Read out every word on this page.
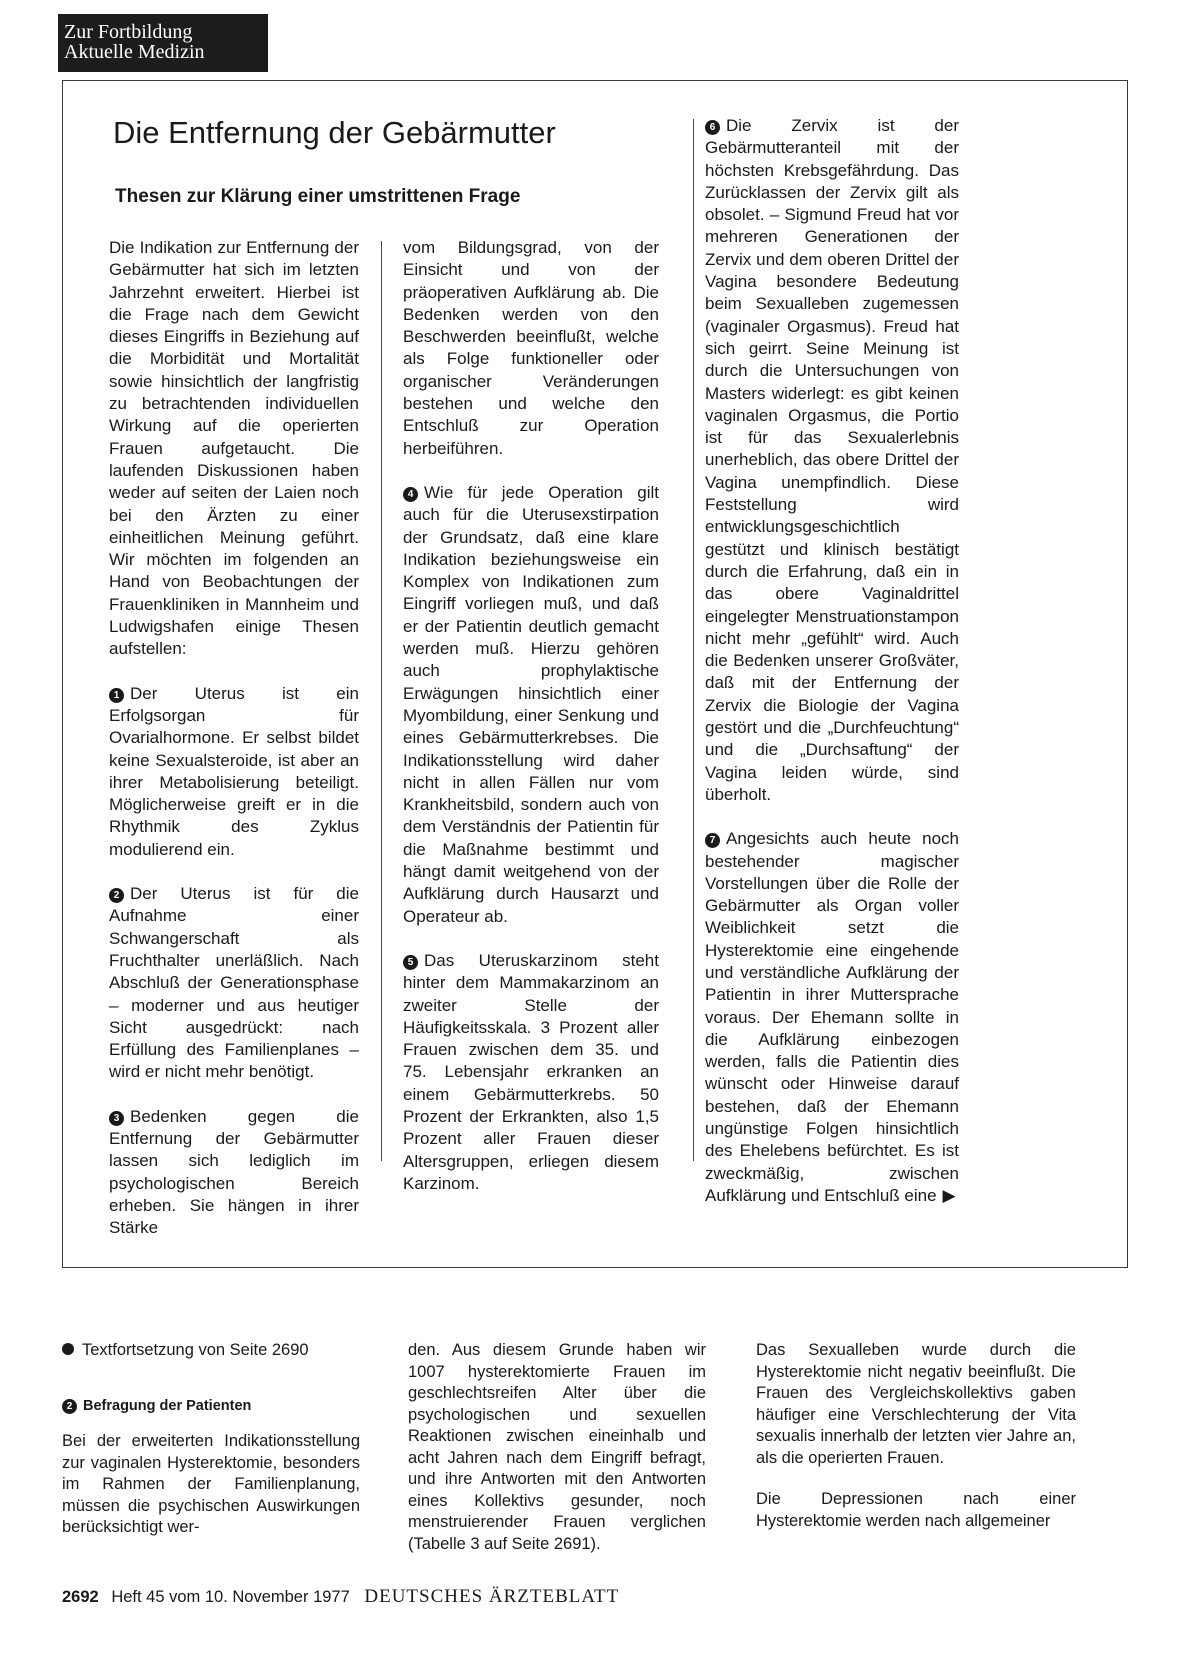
Zur Fortbildung
Aktuelle Medizin
Die Entfernung der Gebärmutter
Thesen zur Klärung einer umstrittenen Frage

Die Indikation zur Entfernung der Gebärmutter hat sich im letzten Jahrzehnt erweitert. Hierbei ist die Frage nach dem Gewicht dieses Eingriffs in Beziehung auf die Morbidität und Mortalität sowie hinsichtlich der langfristig zu betrachtenden individuellen Wirkung auf die operierten Frauen aufgetaucht. Die laufenden Diskussionen haben weder auf seiten der Laien noch bei den Ärzten zu einer einheitlichen Meinung geführt. Wir möchten im folgenden an Hand von Beobachtungen der Frauenkliniken in Mannheim und Ludwigshafen einige Thesen aufstellen:

1 Der Uterus ist ein Erfolgsorgan für Ovarialhormone. Er selbst bildet keine Sexualsteroide, ist aber an ihrer Metabolisierung beteiligt. Möglicherweise greift er in die Rhythmik des Zyklus modulierend ein.

2 Der Uterus ist für die Aufnahme einer Schwangerschaft als Fruchthalter unerläßlich. Nach Abschluß der Generationsphase – moderner und aus heutiger Sicht ausgedrückt: nach Erfüllung des Familienplanes – wird er nicht mehr benötigt.

3 Bedenken gegen die Entfernung der Gebärmutter lassen sich lediglich im psychologischen Bereich erheben. Sie hängen in ihrer Stärke

vom Bildungsgrad, von der Einsicht und von der präoperativen Aufklärung ab. Die Bedenken werden von den Beschwerden beeinflußt, welche als Folge funktioneller oder organischer Veränderungen bestehen und welche den Entschluß zur Operation herbeiführen.

4 Wie für jede Operation gilt auch für die Uterusexstirpation der Grundsatz, daß eine klare Indikation beziehungsweise ein Komplex von Indikationen zum Eingriff vorliegen muß, und daß er der Patientin deutlich gemacht werden muß. Hierzu gehören auch prophylaktische Erwägungen hinsichtlich einer Myombildung, einer Senkung und eines Gebärmutterkrebses. Die Indikationsstellung wird daher nicht in allen Fällen nur vom Krankheitsbild, sondern auch von dem Verständnis der Patientin für die Maßnahme bestimmt und hängt damit weitgehend von der Aufklärung durch Hausarzt und Operateur ab.

5 Das Uteruskarzinom steht hinter dem Mammakarzinom an zweiter Stelle der Häufigkeitsskala. 3 Prozent aller Frauen zwischen dem 35. und 75. Lebensjahr erkranken an einem Gebärmutterkrebs. 50 Prozent der Erkrankten, also 1,5 Prozent aller Frauen dieser Altersgruppen, erliegen diesem Karzinom.

6 Die Zervix ist der Gebärmutteranteil mit der höchsten Krebsgefährdung. Das Zurücklassen der Zervix gilt als obsolet. – Sigmund Freud hat vor mehreren Generationen der Zervix und dem oberen Drittel der Vagina besondere Bedeutung beim Sexualleben zugemessen (vaginaler Orgasmus). Freud hat sich geirrt. Seine Meinung ist durch die Untersuchungen von Masters widerlegt: es gibt keinen vaginalen Orgasmus, die Portio ist für das Sexualerlebnis unerheblich, das obere Drittel der Vagina unempfindlich. Diese Feststellung wird entwicklungsgeschichtlich gestützt und klinisch bestätigt durch die Erfahrung, daß ein in das obere Vaginaldrittel eingelegter Menstruationstampon nicht mehr „gefühlt“ wird. Auch die Bedenken unserer Großväter, daß mit der Entfernung der Zervix die Biologie der Vagina gestört und die „Durchfeuchtung“ und die „Durchsaftung“ der Vagina leiden würde, sind überholt.

7 Angesichts auch heute noch bestehender magischer Vorstellungen über die Rolle der Gebärmutter als Organ voller Weiblichkeit setzt die Hysterektomie eine eingehende und verständliche Aufklärung der Patientin in ihrer Muttersprache voraus. Der Ehemann sollte in die Aufklärung einbezogen werden, falls die Patientin dies wünscht oder Hinweise darauf bestehen, daß der Ehemann ungünstige Folgen hinsichtlich des Ehelebens befürchtet. Es ist zweckmäßig, zwischen Aufklärung und Entschluß eine ▶

Textfortsetzung von Seite 2690

2 Befragung der Patienten

Bei der erweiterten Indikationsstellung zur vaginalen Hysterektomie, besonders im Rahmen der Familienplanung, müssen die psychischen Auswirkungen berücksichtigt wer-

den. Aus diesem Grunde haben wir 1007 hysterektomierte Frauen im geschlechtsreifen Alter über die psychologischen und sexuellen Reaktionen zwischen eineinhalb und acht Jahren nach dem Eingriff befragt, und ihre Antworten mit den Antworten eines Kollektivs gesunder, noch menstruierender Frauen verglichen (Tabelle 3 auf Seite 2691).

Das Sexualleben wurde durch die Hysterektomie nicht negativ beeinflußt. Die Frauen des Vergleichskollektivs gaben häufiger eine Verschlechterung der Vita sexualis innerhalb der letzten vier Jahre an, als die operierten Frauen.

Die Depressionen nach einer Hysterektomie werden nach allgemeiner

2692 Heft 45 vom 10. November 1977 DEUTSCHES ÄRZTEBLATT
